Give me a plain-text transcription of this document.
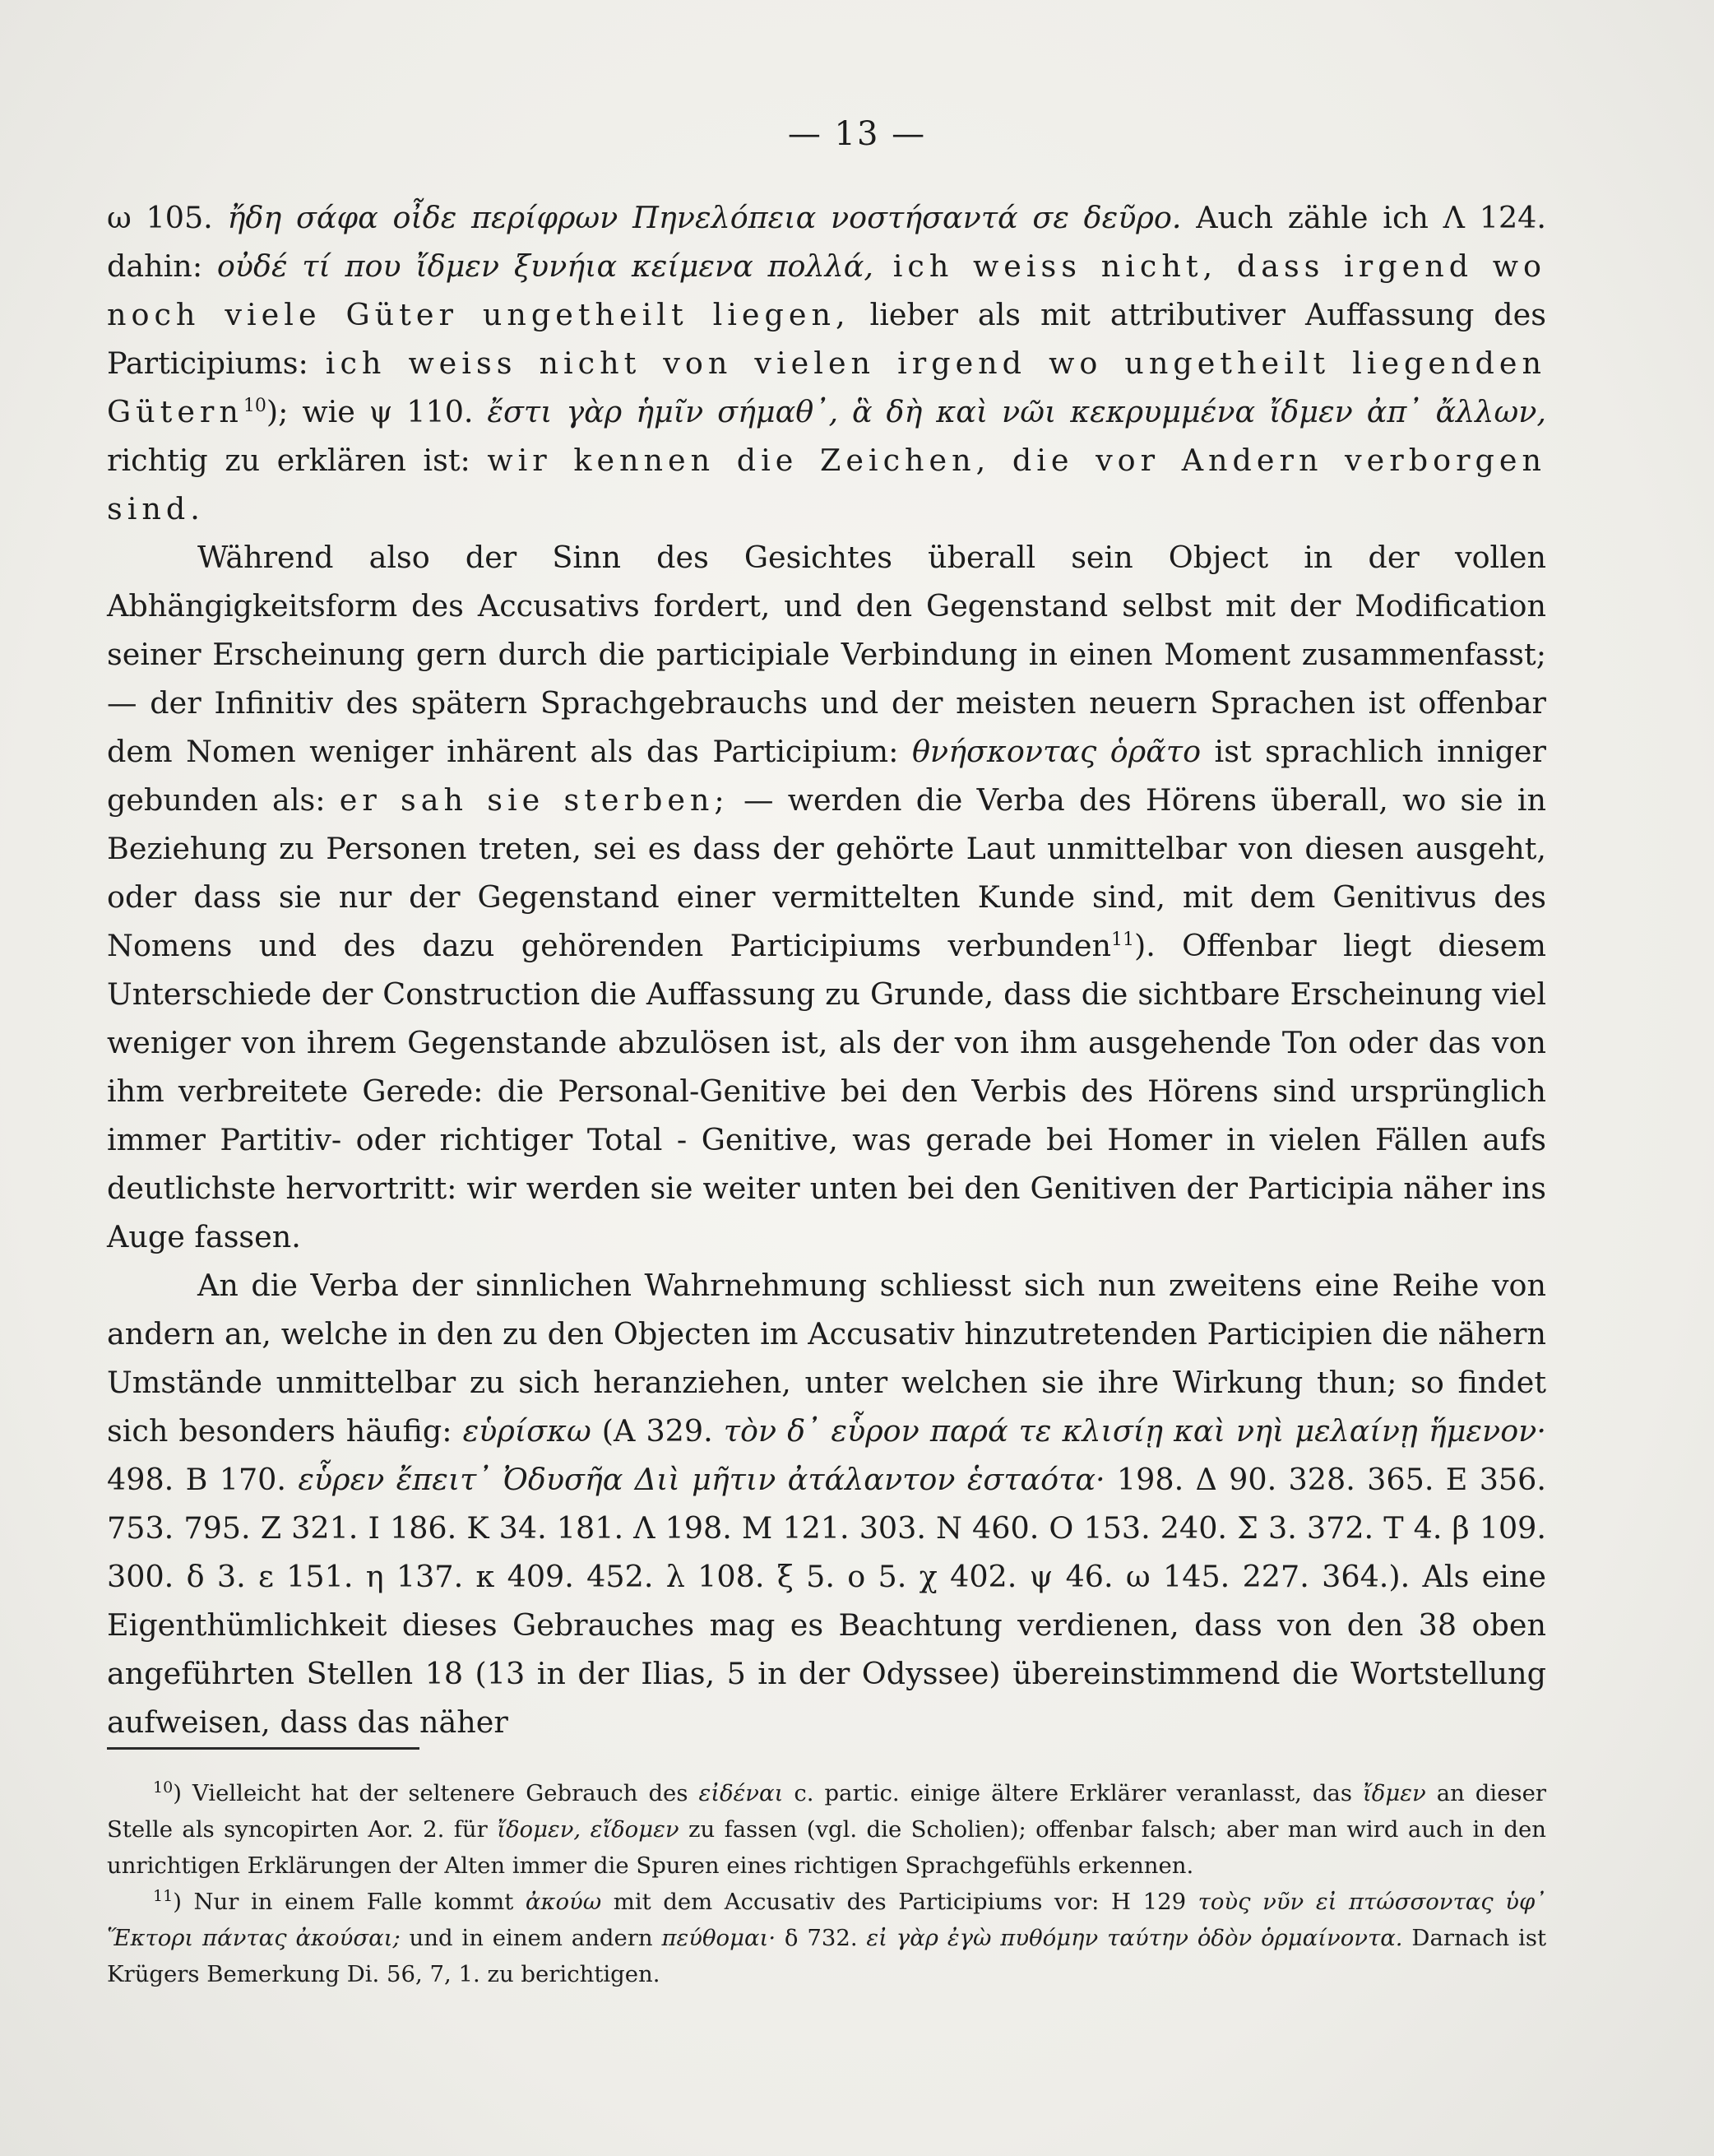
— 13 —

ω 105. ἤδη σάφα οἶδε περίφρων Πηνελόπεια νοστήσαντά σε δεῦρο. Auch zähle ich Λ 124. dahin: οὐδέ τί που ἴδμεν ξυνήια κείμενα πολλά, ich weiss nicht, dass irgend wo noch viele Güter ungetheilt liegen, lieber als mit attributiver Auffassung des Participiums: ich weiss nicht von vielen irgend wo ungetheilt liegenden Gütern$^{10}$); wie ψ 110. ἔστι γὰρ ἡμῖν σήμαθ᾽, ἃ δὴ καὶ νῶι κεκρυμμένα ἴδμεν ἀπ᾽ ἄλλων, richtig zu erklären ist: wir kennen die Zeichen, die vor Andern verborgen sind.

Während also der Sinn des Gesichtes überall sein Object in der vollen Abhängigkeitsform des Accusativs fordert, und den Gegenstand selbst mit der Modification seiner Erscheinung gern durch die participiale Verbindung in einen Moment zusammenfasst; — der Infinitiv des spätern Sprachgebrauchs und der meisten neuern Sprachen ist offenbar dem Nomen weniger inhärent als das Participium: θνήσκοντας ὁρᾶτο ist sprachlich inniger gebunden als: er sah sie sterben; — werden die Verba des Hörens überall, wo sie in Beziehung zu Personen treten, sei es dass der gehörte Laut unmittelbar von diesen ausgeht, oder dass sie nur der Gegenstand einer vermittelten Kunde sind, mit dem Genitivus des Nomens und des dazu gehörenden Participiums verbunden$^{11}$). Offenbar liegt diesem Unterschiede der Construction die Auffassung zu Grunde, dass die sichtbare Erscheinung viel weniger von ihrem Gegenstande abzulösen ist, als der von ihm ausgehende Ton oder das von ihm verbreitete Gerede: die Personal-Genitive bei den Verbis des Hörens sind ursprünglich immer Partitiv- oder richtiger Total - Genitive, was gerade bei Homer in vielen Fällen aufs deutlichste hervortritt: wir werden sie weiter unten bei den Genitiven der Participia näher ins Auge fassen.

An die Verba der sinnlichen Wahrnehmung schliesst sich nun zweitens eine Reihe von andern an, welche in den zu den Objecten im Accusativ hinzutretenden Participien die nähern Umstände unmittelbar zu sich heranziehen, unter welchen sie ihre Wirkung thun; so findet sich besonders häufig: εὑρίσκω (Α 329. τὸν δ᾽ εὗρον παρά τε κλισίῃ καὶ νηὶ μελαίνῃ ἥμενον· 498. Β 170. εὗρεν ἔπειτ᾽ Ὀδυσῆα Διὶ μῆτιν ἀτάλαντον ἑσταότα· 198. Δ 90. 328. 365. Ε 356. 753. 795. Ζ 321. Ι 186. Κ 34. 181. Λ 198. Μ 121. 303. Ν 460. Ο 153. 240. Σ 3. 372. Τ 4. β 109. 300. δ 3. ε 151. η 137. κ 409. 452. λ 108. ξ 5. ο 5. χ 402. ψ 46. ω 145. 227. 364.). Als eine Eigenthümlichkeit dieses Gebrauches mag es Beachtung verdienen, dass von den 38 oben angeführten Stellen 18 (13 in der Ilias, 5 in der Odyssee) übereinstimmend die Wortstellung aufweisen, dass das näher

$^{10}$) Vielleicht hat der seltenere Gebrauch des εἰδέναι c. partic. einige ältere Erklärer veranlasst, das ἴδμεν an dieser Stelle als syncopirten Aor. 2. für ἴδομεν, εἴδομεν zu fassen (vgl. die Scholien); offenbar falsch; aber man wird auch in den unrichtigen Erklärungen der Alten immer die Spuren eines richtigen Sprachgefühls erkennen.

$^{11}$) Nur in einem Falle kommt ἀκούω mit dem Accusativ des Participiums vor: Η 129 τοὺς νῦν εἰ πτώσσοντας ὑφ᾽ Ἕκτορι πάντας ἀκούσαι; und in einem andern πεύθομαι· δ 732. εἰ γὰρ ἐγὼ πυθόμην ταύτην ὁδὸν ὁρμαίνοντα. Darnach ist Krügers Bemerkung Di. 56, 7, 1. zu berichtigen.
